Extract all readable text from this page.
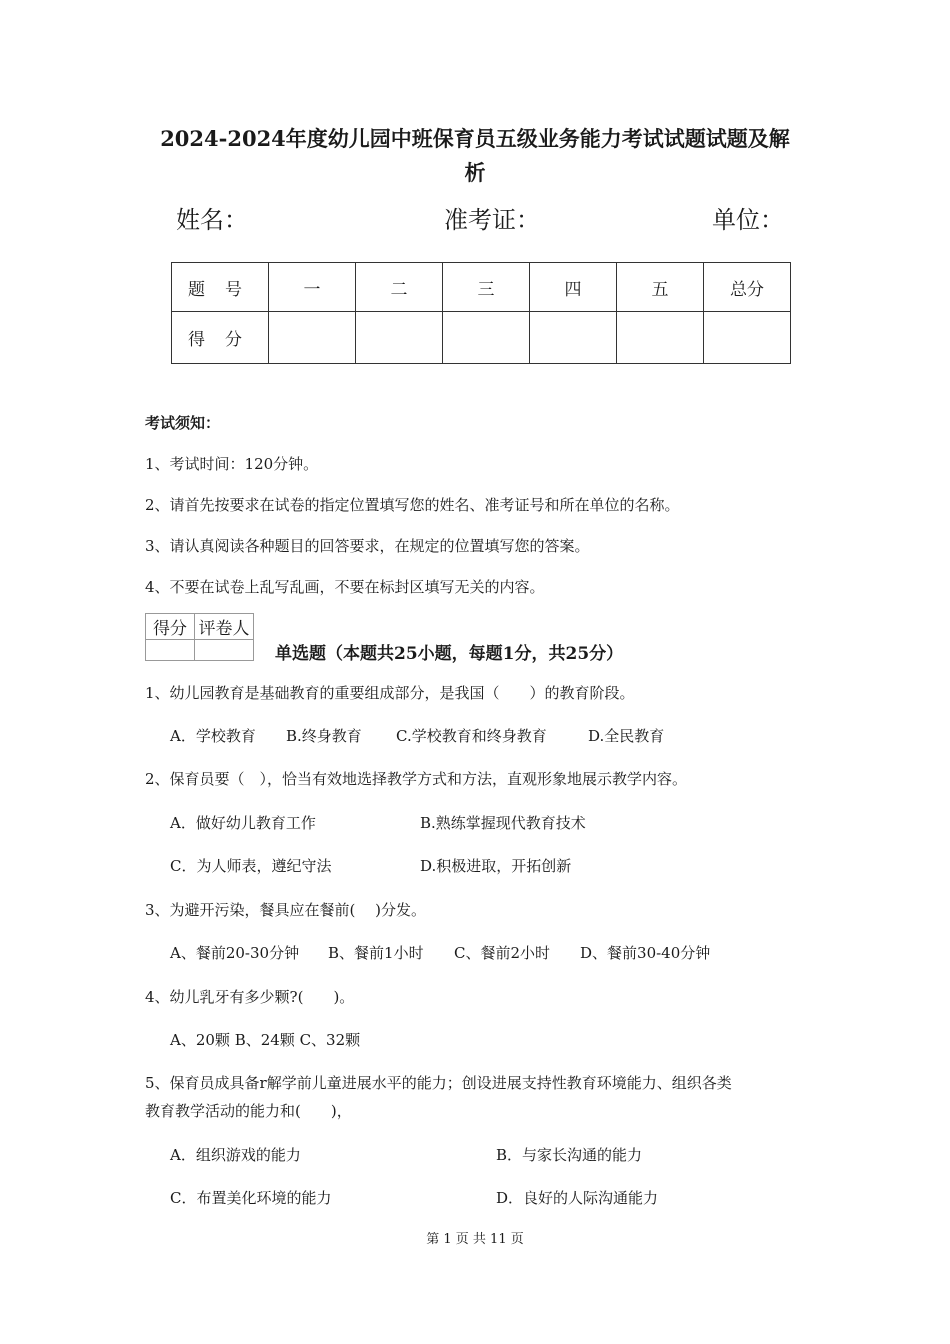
2024-2024年度幼儿园中班保育员五级业务能力考试试题试题及解
析
姓名：	准考证：	单位：
题号	一	二	三	四	五	总分
得分						
考试须知：
1、考试时间：120分钟。
2、请首先按要求在试卷的指定位置填写您的姓名、准考证号和所在单位的名称。
3、请认真阅读各种题目的回答要求，在规定的位置填写您的答案。
4、不要在试卷上乱写乱画，不要在标封区填写无关的内容。
得分	评卷人

单选题（本题共25小题，每题1分，共25分）
1、幼儿园教育是基础教育的重要组成部分，是我国（　　）的教育阶段。
A．学校教育 B.终身教育 C.学校教育和终身教育	D.全民教育
2、保育员要（　），恰当有效地选择教学方式和方法，直观形象地展示教学内容。
A．做好幼儿教育工作	B.熟练掌握现代教育技术
C．为人师表，遵纪守法	D.积极进取，开拓创新
3、为避开污染，餐具应在餐前(　 )分发。
A、餐前20-30分钟 B、餐前1小时 C、餐前2小时 D、餐前30-40分钟
4、幼儿乳牙有多少颗?(　　)。
A、20颗 B、24颗 C、32颗
5、保育员成具备r解学前儿童进展水平的能力；创设进展支持性教育环境能力、组织各类
教育教学活动的能力和(　　)，
A．组织游戏的能力	B．与家长沟通的能力
C．布置美化环境的能力	D．良好的人际沟通能力
第 1 页 共 11 页
